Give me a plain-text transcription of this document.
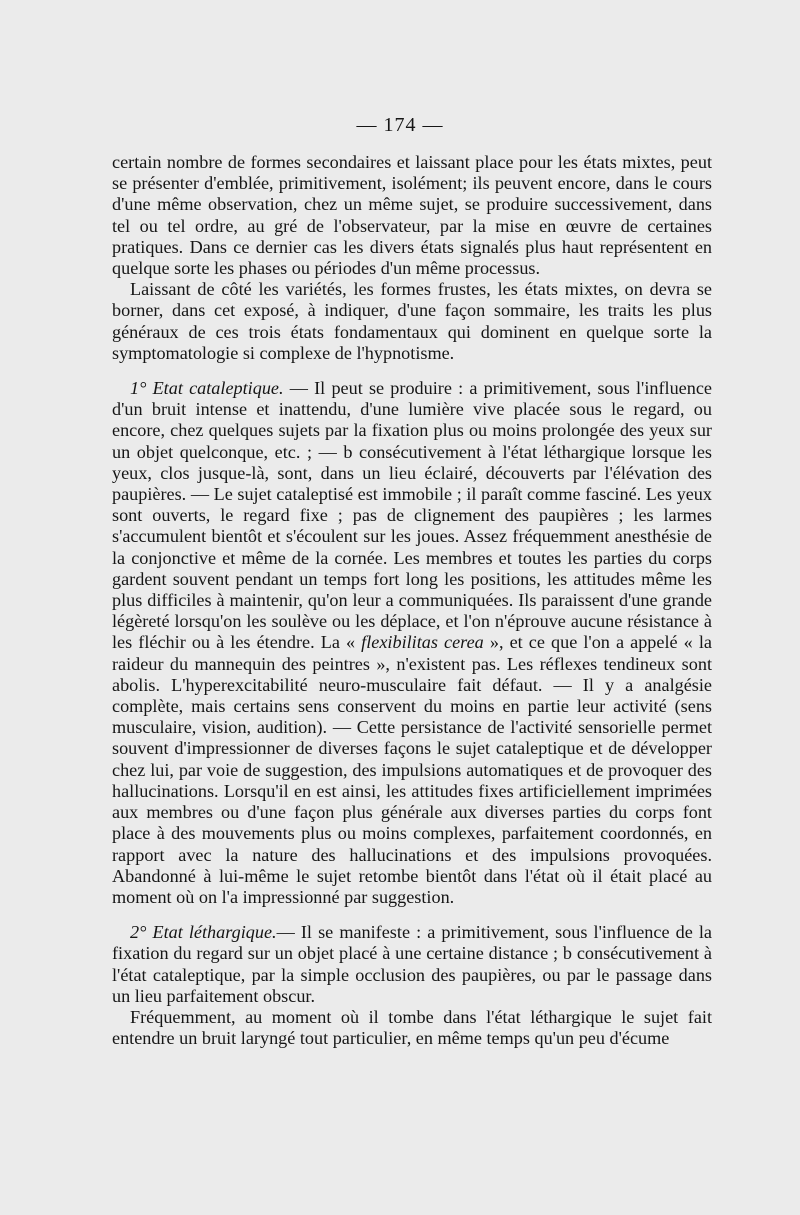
— 174 —

certain nombre de formes secondaires et laissant place pour les états mixtes, peut se présenter d'emblée, primitivement, isolément; ils peuvent encore, dans le cours d'une même observation, chez un même sujet, se produire successivement, dans tel ou tel ordre, au gré de l'observateur, par la mise en œuvre de certaines pratiques. Dans ce dernier cas les divers états signalés plus haut représentent en quelque sorte les phases ou périodes d'un même processus.

Laissant de côté les variétés, les formes frustes, les états mixtes, on devra se borner, dans cet exposé, à indiquer, d'une façon sommaire, les traits les plus généraux de ces trois états fondamentaux qui dominent en quelque sorte la symptomatologie si complexe de l'hypnotisme.

1° Etat cataleptique. — Il peut se produire : a primitivement, sous l'influence d'un bruit intense et inattendu, d'une lumière vive placée sous le regard, ou encore, chez quelques sujets par la fixation plus ou moins prolongée des yeux sur un objet quelconque, etc. ; — b consécutivement à l'état léthargique lorsque les yeux, clos jusque-là, sont, dans un lieu éclairé, découverts par l'élévation des paupières. — Le sujet cataleptisé est immobile ; il paraît comme fasciné. Les yeux sont ouverts, le regard fixe ; pas de clignement des paupières ; les larmes s'accumulent bientôt et s'écoulent sur les joues. Assez fréquemment anesthésie de la conjonctive et même de la cornée. Les membres et toutes les parties du corps gardent souvent pendant un temps fort long les positions, les attitudes même les plus difficiles à maintenir, qu'on leur a communiquées. Ils paraissent d'une grande légèreté lorsqu'on les soulève ou les déplace, et l'on n'éprouve aucune résistance à les fléchir ou à les étendre. La « flexibilitas cerea », et ce que l'on a appelé « la raideur du mannequin des peintres », n'existent pas. Les réflexes tendineux sont abolis. L'hyperexcitabilité neuro-musculaire fait défaut. — Il y a analgésie complète, mais certains sens conservent du moins en partie leur activité (sens musculaire, vision, audition). — Cette persistance de l'activité sensorielle permet souvent d'impressionner de diverses façons le sujet cataleptique et de développer chez lui, par voie de suggestion, des impulsions automatiques et de provoquer des hallucinations. Lorsqu'il en est ainsi, les attitudes fixes artificiellement imprimées aux membres ou d'une façon plus générale aux diverses parties du corps font place à des mouvements plus ou moins complexes, parfaitement coordonnés, en rapport avec la nature des hallucinations et des impulsions provoquées. Abandonné à lui-même le sujet retombe bientôt dans l'état où il était placé au moment où on l'a impressionné par suggestion.

2° Etat léthargique.— Il se manifeste : a primitivement, sous l'influence de la fixation du regard sur un objet placé à une certaine distance ; b consécutivement à l'état cataleptique, par la simple occlusion des paupières, ou par le passage dans un lieu parfaitement obscur.

Fréquemment, au moment où il tombe dans l'état léthargique le sujet fait entendre un bruit laryngé tout particulier, en même temps qu'un peu d'écume
